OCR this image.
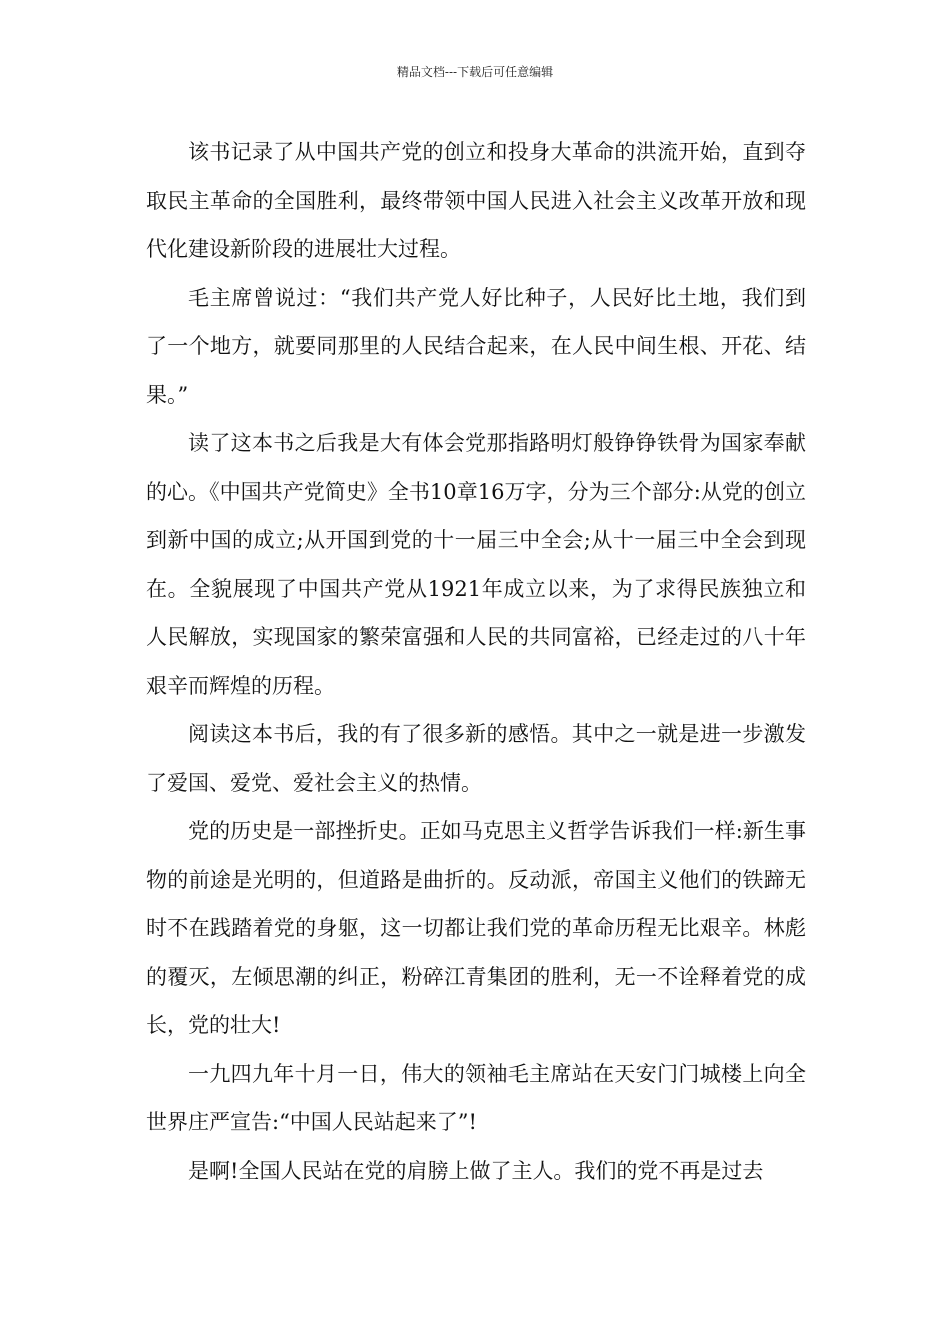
精品文档---下载后可任意编辑

该书记录了从中国共产党的创立和投身大革命的洪流开始，直到夺取民主革命的全国胜利，最终带领中国人民进入社会主义改革开放和现代化建设新阶段的进展壮大过程。

毛主席曾说过：“我们共产党人好比种子，人民好比土地，我们到了一个地方，就要同那里的人民结合起来，在人民中间生根、开花、结果。”

读了这本书之后我是大有体会党那指路明灯般铮铮铁骨为国家奉献的心。《中国共产党简史》全书10章16万字，分为三个部分:从党的创立到新中国的成立;从开国到党的十一届三中全会;从十一届三中全会到现在。全貌展现了中国共产党从1921年成立以来，为了求得民族独立和人民解放，实现国家的繁荣富强和人民的共同富裕，已经走过的八十年艰辛而辉煌的历程。

阅读这本书后，我的有了很多新的感悟。其中之一就是进一步激发了爱国、爱党、爱社会主义的热情。

党的历史是一部挫折史。正如马克思主义哲学告诉我们一样:新生事物的前途是光明的，但道路是曲折的。反动派，帝国主义他们的铁蹄无时不在践踏着党的身躯，这一切都让我们党的革命历程无比艰辛。林彪的覆灭，左倾思潮的纠正，粉碎江青集团的胜利，无一不诠释着党的成长，党的壮大!

一九四九年十月一日，伟大的领袖毛主席站在天安门门城楼上向全世界庄严宣告:“中国人民站起来了”!

是啊!全国人民站在党的肩膀上做了主人。我们的党不再是过去
